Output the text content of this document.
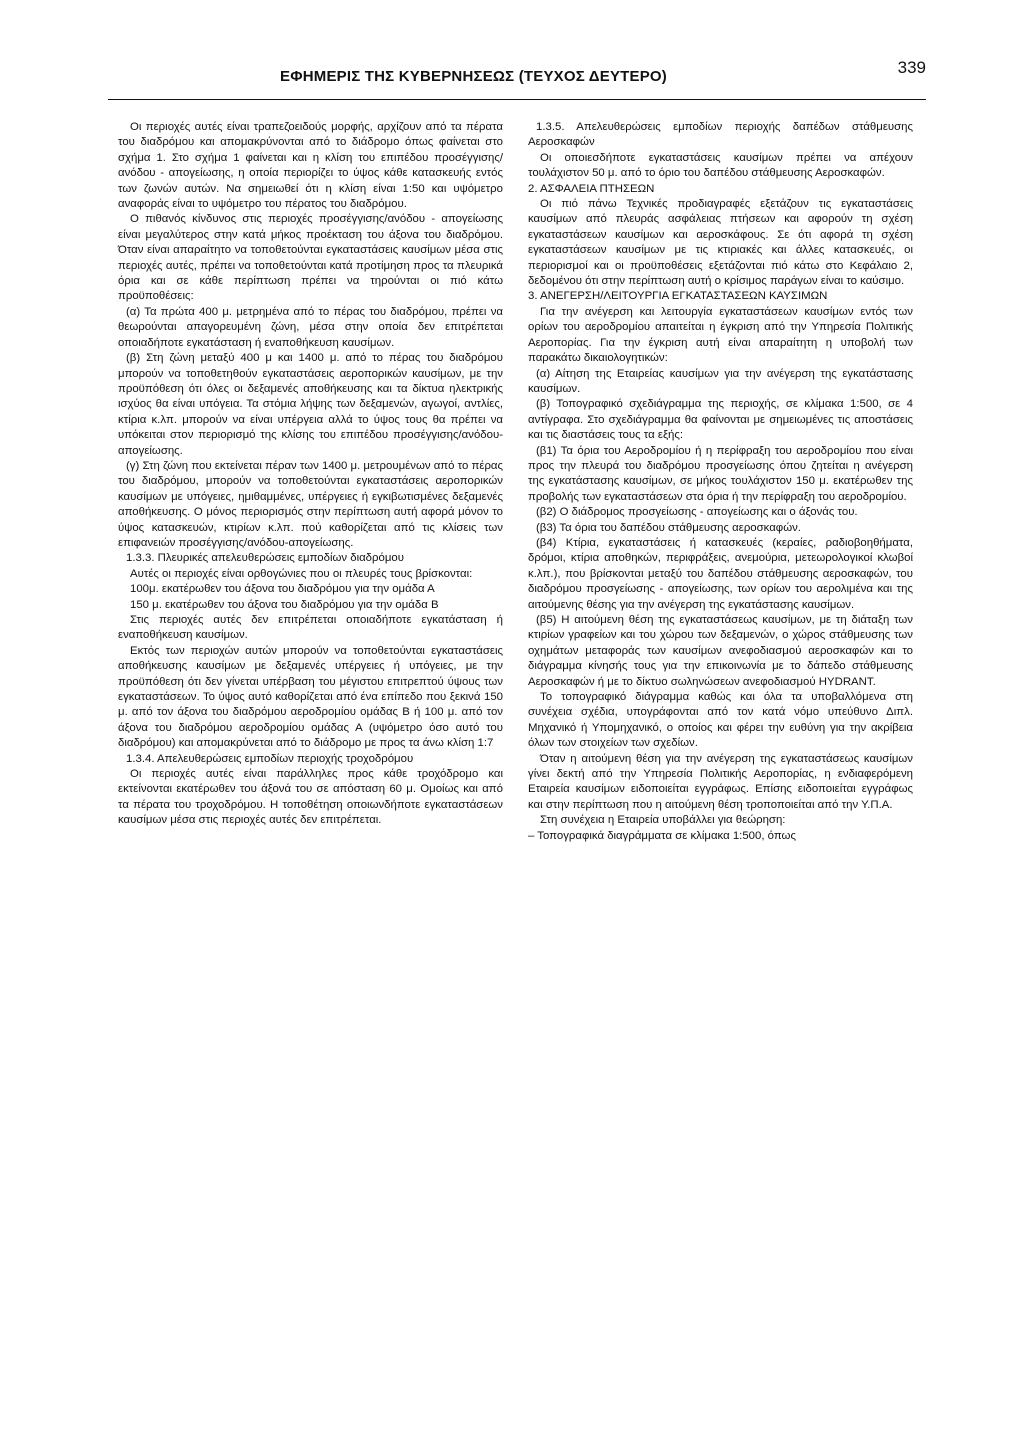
ΕΦΗΜΕΡΙΣ ΤΗΣ ΚΥΒΕΡΝΗΣΕΩΣ (ΤΕΥΧΟΣ ΔΕΥΤΕΡΟ)	339

Οι περιοχές αυτές είναι τραπεζοειδούς μορφής, αρχίζουν από τα πέρατα του διαδρόμου και απομακρύνονται από το διάδρομο όπως φαίνεται στο σχήμα 1. Στο σχήμα 1 φαίνεται και η κλίση του επιπέδου προσέγγισης/ανόδου - απογείωσης, η οποία περιορίζει το ύψος κάθε κατασκευής εντός των ζωνών αυτών. Να σημειωθεί ότι η κλίση είναι 1:50 και υψόμετρο αναφοράς είναι το υψόμετρο του πέρατος του διαδρόμου.

Ο πιθανός κίνδυνος στις περιοχές προσέγγισης/ανόδου - απογείωσης είναι μεγαλύτερος στην κατά μήκος προέκταση του άξονα του διαδρόμου. Όταν είναι απαραίτητο να τοποθετούνται εγκαταστάσεις καυσίμων μέσα στις περιοχές αυτές, πρέπει να τοποθετούνται κατά προτίμηση προς τα πλευρικά όρια και σε κάθε περίπτωση πρέπει να τηρούνται οι πιό κάτω προϋποθέσεις:

(α) Τα πρώτα 400 μ. μετρημένα από το πέρας του διαδρόμου, πρέπει να θεωρούνται απαγορευμένη ζώνη, μέσα στην οποία δεν επιτρέπεται οποιαδήποτε εγκατάσταση ή εναποθήκευση καυσίμων.

(β) Στη ζώνη μεταξύ 400 μ και 1400 μ. από το πέρας του διαδρόμου μπορούν να τοποθετηθούν εγκαταστάσεις αεροπορικών καυσίμων, με την προϋπόθεση ότι όλες οι δεξαμενές αποθήκευσης και τα δίκτυα ηλεκτρικής ισχύος θα είναι υπόγεια. Τα στόμια λήψης των δεξαμενών, αγωγοί, αντλίες, κτίρια κ.λπ. μπορούν να είναι υπέργεια αλλά το ύψος τους θα πρέπει να υπόκειται στον περιορισμό της κλίσης του επιπέδου προσέγγισης/ανόδου-απογείωσης.

(γ) Στη ζώνη που εκτείνεται πέραν των 1400 μ. μετρουμένων από το πέρας του διαδρόμου, μπορούν να τοποθετούνται εγκαταστάσεις αεροπορικών καυσίμων με υπόγειες, ημιθαμμένες, υπέργειες ή εγκιβωτισμένες δεξαμενές αποθήκευσης. Ο μόνος περιορισμός στην περίπτωση αυτή αφορά μόνον το ύψος κατασκευών, κτιρίων κ.λπ. πού καθορίζεται από τις κλίσεις των επιφανειών προσέγγισης/ανόδου-απογείωσης.

1.3.3. Πλευρικές απελευθερώσεις εμποδίων διαδρόμου

Αυτές οι περιοχές είναι ορθογώνιες που οι πλευρές τους βρίσκονται:

100μ. εκατέρωθεν του άξονα του διαδρόμου για την ομάδα Α

150 μ. εκατέρωθεν του άξονα του διαδρόμου για την ομάδα Β

Στις περιοχές αυτές δεν επιτρέπεται οποιαδήποτε εγκατάσταση ή εναποθήκευση καυσίμων.

Εκτός των περιοχών αυτών μπορούν να τοποθετούνται εγκαταστάσεις αποθήκευσης καυσίμων με δεξαμενές υπέργειες ή υπόγειες, με την προϋπόθεση ότι δεν γίνεται υπέρβαση του μέγιστου επιτρεπτού ύψους των εγκαταστάσεων. Το ύψος αυτό καθορίζεται από ένα επίπεδο που ξεκινά 150 μ. από τον άξονα του διαδρόμου αεροδρομίου ομάδας Β ή 100 μ. από τον άξονα του διαδρόμου αεροδρομίου ομάδας Α (υψόμετρο όσο αυτό του διαδρόμου) και απομακρύνεται από το διάδρομο με προς τα άνω κλίση 1:7

1.3.4. Απελευθερώσεις εμποδίων περιοχής τροχοδρόμου

Οι περιοχές αυτές είναι παράλληλες προς κάθε τροχόδρομο και εκτείνονται εκατέρωθεν του άξονά του σε απόσταση 60 μ. Ομοίως και από τα πέρατα του τροχοδρόμου. Η τοποθέτηση οποιωνδήποτε εγκαταστάσεων καυσίμων μέσα στις περιοχές αυτές δεν επιτρέπεται.

1.3.5. Απελευθερώσεις εμποδίων περιοχής δαπέδων στάθμευσης Αεροσκαφών

Οι οποιεσδήποτε εγκαταστάσεις καυσίμων πρέπει να απέχουν τουλάχιστον 50 μ. από το όριο του δαπέδου στάθμευσης Αεροσκαφών.

2. ΑΣΦΑΛΕΙΑ ΠΤΗΣΕΩΝ

Οι πιό πάνω Τεχνικές προδιαγραφές εξετάζουν τις εγκαταστάσεις καυσίμων από πλευράς ασφάλειας πτήσεων και αφορούν τη σχέση εγκαταστάσεων καυσίμων και αεροσκάφους. Σε ότι αφορά τη σχέση εγκαταστάσεων καυσίμων με τις κτιριακές και άλλες κατασκευές, οι περιορισμοί και οι προϋποθέσεις εξετάζονται πιό κάτω στο Κεφάλαιο 2, δεδομένου ότι στην περίπτωση αυτή ο κρίσιμος παράγων είναι το καύσιμο.

3. ΑΝΕΓΕΡΣΗ/ΛΕΙΤΟΥΡΓΙΑ ΕΓΚΑΤΑΣΤΑΣΕΩΝ ΚΑΥΣΙΜΩΝ

Για την ανέγερση και λειτουργία εγκαταστάσεων καυσίμων εντός των ορίων του αεροδρομίου απαιτείται η έγκριση από την Υπηρεσία Πολιτικής Αεροπορίας. Για την έγκριση αυτή είναι απαραίτητη η υποβολή των παρακάτω δικαιολογητικών:

(α) Αίτηση της Εταιρείας καυσίμων για την ανέγερση της εγκατάστασης καυσίμων.

(β) Τοπογραφικό σχεδιάγραμμα της περιοχής, σε κλίμακα 1:500, σε 4 αντίγραφα. Στο σχεδιάγραμμα θα φαίνονται με σημειωμένες τις αποστάσεις και τις διαστάσεις τους τα εξής:

(β1) Τα όρια του Αεροδρομίου ή η περίφραξη του αεροδρομίου που είναι προς την πλευρά του διαδρόμου προσγείωσης όπου ζητείται η ανέγερση της εγκατάστασης καυσίμων, σε μήκος τουλάχιστον 150 μ. εκατέρωθεν της προβολής των εγκαταστάσεων στα όρια ή την περίφραξη του αεροδρομίου.

(β2) Ο διάδρομος προσγείωσης - απογείωσης και ο άξονάς του.

(β3) Τα όρια του δαπέδου στάθμευσης αεροσκαφών.

(β4) Κτίρια, εγκαταστάσεις ή κατασκευές (κεραίες, ραδιοβοηθήματα, δρόμοι, κτίρια αποθηκών, περιφράξεις, ανεμούρια, μετεωρολογικοί κλωβοί κ.λπ.), που βρίσκονται μεταξύ του δαπέδου στάθμευσης αεροσκαφών, του διαδρόμου προσγείωσης - απογείωσης, των ορίων του αερολιμένα και της αιτούμενης θέσης για την ανέγερση της εγκατάστασης καυσίμων.

(β5) Η αιτούμενη θέση της εγκαταστάσεως καυσίμων, με τη διάταξη των κτιρίων γραφείων και του χώρου των δεξαμενών, ο χώρος στάθμευσης των οχημάτων μεταφοράς των καυσίμων ανεφοδιασμού αεροσκαφών και το διάγραμμα κίνησής τους για την επικοινωνία με το δάπεδο στάθμευσης Αεροσκαφών ή με το δίκτυο σωληνώσεων ανεφοδιασμού HYDRANT.

Το τοπογραφικό διάγραμμα καθώς και όλα τα υποβαλλόμενα στη συνέχεια σχέδια, υπογράφονται από τον κατά νόμο υπεύθυνο Διπλ. Μηχανικό ή Υπομηχανικό, ο οποίος και φέρει την ευθύνη για την ακρίβεια όλων των στοιχείων των σχεδίων.

Όταν η αιτούμενη θέση για την ανέγερση της εγκαταστάσεως καυσίμων γίνει δεκτή από την Υπηρεσία Πολιτικής Αεροπορίας, η ενδιαφερόμενη Εταιρεία καυσίμων ειδοποιείται εγγράφως. Επίσης ειδοποιείται εγγράφως και στην περίπτωση που η αιτούμενη θέση τροποποιείται από την Υ.Π.Α.

Στη συνέχεια η Εταιρεία υποβάλλει για θεώρηση:

– Τοπογραφικά διαγράμματα σε κλίμακα 1:500, όπως
